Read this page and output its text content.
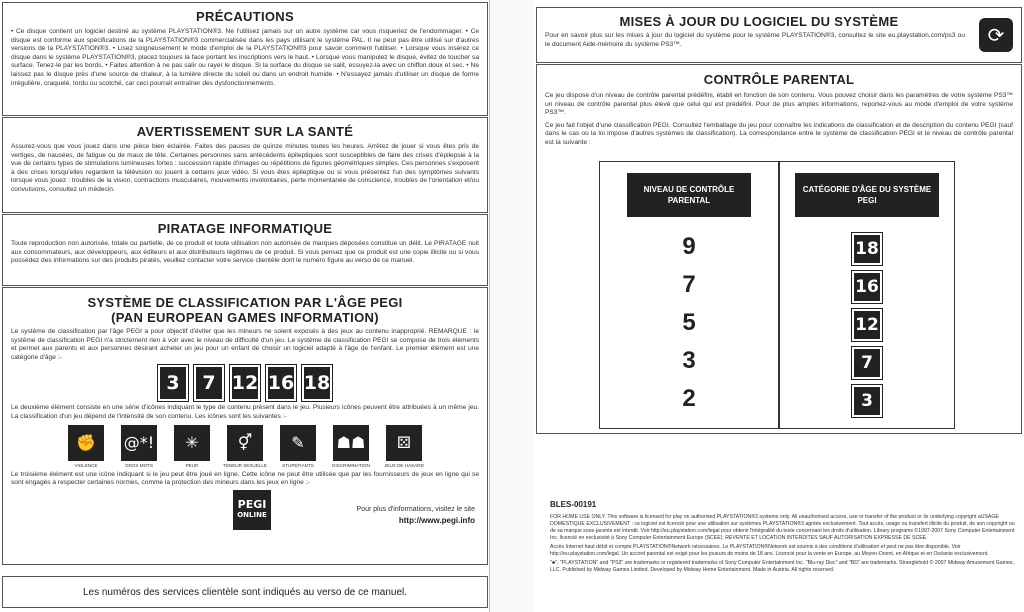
PRÉCAUTIONS
• Ce disque contient un logiciel destiné au système PLAYSTATION®3. Ne l'utilisez jamais sur un autre système car vous risqueriez de l'endommager. • Ce disque est conforme aux spécifications de la PLAYSTATION®3 commercialisée dans les pays utilisant le système PAL. Il ne peut pas être utilisé sur d'autres versions de la PLAYSTATION®3. • Lisez soigneusement le mode d'emploi de la PLAYSTATION®3 pour savoir comment l'utiliser. • Lorsque vous insérez ce disque dans le système PLAYSTATION®3, placez toujours la face portant les inscriptions vers le haut. • Lorsque vous manipulez le disque, évitez de toucher sa surface. Tenez-le par les bords. • Faites attention à ne pas salir ou rayer le disque. Si la surface du disque se salit, essuyez-la avec un chiffon doux et sec. • Ne laissez pas le disque près d'une source de chaleur, à la lumière directe du soleil ou dans un endroit humide. • N'essayez jamais d'utiliser un disque de forme irrégulière, craquelé, tordu ou scotché, car ceci pourrait entraîner des dysfonctionnements.
AVERTISSEMENT SUR LA SANTÉ
Assurez-vous que vous jouez dans une pièce bien éclairée. Faites des pauses de quinze minutes toutes les heures. Arrêtez de jouer si vous êtes pris de vertiges, de nausées, de fatigue ou de maux de tête. Certaines personnes sans antécédents épileptiques sont susceptibles de faire des crises d'épilepsie à la vue de certains types de stimulations lumineuses fortes : succession rapide d'images ou répétitions de figures géométriques simples. Ces personnes s'exposent à des crises lorsqu'elles regardent la télévision ou jouent à certains jeux vidéo. Si vous êtes épileptique ou si vous présentez l'un des symptômes suivants lorsque vous jouez : troubles de la vision, contractions musculaires, mouvements involontaires, perte momentanée de conscience, troubles de l'orientation et/ou convulsions, consultez un médecin.
PIRATAGE INFORMATIQUE
Toute reproduction non autorisée, totale ou partielle, de ce produit et toute utilisation non autorisée de marques déposées constitue un délit. Le PIRATAGE nuit aux consommateurs, aux développeurs, aux éditeurs et aux distributeurs légitimes de ce produit. Si vous pensez que ce produit est une copie illicite ou si vous possédez des informations sur des produits piratés, veuillez contacter votre service clientèle dont le numéro figure au verso de ce manuel.
SYSTÈME DE CLASSIFICATION PAR L'ÂGE PEGI
(PAN EUROPEAN GAMES INFORMATION)
Le système de classification par l'âge PEGI a pour objectif d'éviter que les mineurs ne soient exposés à des jeux au contenu inapproprié. REMARQUE : le système de classification PEGI n'a strictement rien à voir avec le niveau de difficulté d'un jeu. Le système de classification PEGI se compose de trois éléments et permet aux parents et aux personnes désirant acheter un jeu pour un enfant de choisir un logiciel adapté à l'âge de l'enfant. Le premier élément est une catégorie d'âge :-
3	7 12 16 18
Le deuxième élément consiste en une série d'icônes indiquant le type de contenu présent dans le jeu. Plusieurs icônes peuvent être attribuées à un même jeu. La classification d'un jeu dépend de l'intensité de son contenu. Les icônes sont les suivantes :-
✊
VIOLENCE
@*!
GROS MOTS
✳
PEUR
⚥
TENEUR SEXUELLE
✎
STUPÉFIANTS
☗☗
DISCRIMINATION
⚄
JEUX DE HASARD
Le troisième élément est une icône indiquant si le jeu peut être joué en ligne. Cette icône ne peut être utilisée que par les fournisseurs de jeux en ligne qui se sont engagés à respecter certaines normes, comme la protection des mineurs dans les jeux en ligne :-
PEGI
ONLINE
Pour plus d'informations, visitez le site
http://www.pegi.info
Les numéros des services clientèle sont indiqués au verso de ce manuel.
MISES À JOUR DU LOGICIEL DU SYSTÈME
Pour en savoir plus sur les mises à jour du logiciel du système pour le système PLAYSTATION®3, consultez le site eu.playstation.com/ps3 ou le document Aide-mémoire du système PS3™.	⟳
CONTRÔLE PARENTAL
Ce jeu dispose d'un niveau de contrôle parental prédéfini, établi en fonction de son contenu. Vous pouvez choisir dans les paramètres de votre système PS3™ un niveau de contrôle parental plus élevé que celui qui est prédéfini. Pour de plus amples informations, reportez-vous au mode d'emploi de votre système PS3™.
Ce jeu fait l'objet d'une classification PEGI. Consultez l'emballage du jeu pour connaître les indications de classification et de description du contenu PEGI (sauf dans le cas où la loi impose d'autres systèmes de classification). La correspondance entre le système de classification PEGI et le niveau de contrôle parental est la suivante :
NIVEAU DE CONTRÔLE PARENTAL
CATÉGORIE D'ÂGE DU SYSTÈME PEGI
9
7
5
3
2
18
16
12
7
3
BLES-00191
FOR HOME USE ONLY. This software is licensed for play on authorised PLAYSTATION®3 systems only. All unauthorised access, use or transfer of the product or its underlying copyright aUSAGE DOMESTIQUE EXCLUSIVEMENT : ce logiciel est licencié pour une utilisation sur systèmes PLAYSTATION®3 agréés exclusivement. Tout accès, usage ou transfert illicite du produit, de son copyright ou de sa marque sous-jacents est interdit. Voir http://eu.playstation.com/legal pour obtenir l'intégralité du texte concernant les droits d'utilisation. Library programs ©1997-2007 Sony Computer Entertainment Inc. licencié en exclusivité à Sony Computer Entertainment Europe (SCEE). REVENTE ET LOCATION INTERDITES SAUF AUTORISATION EXPRESSE DE SCEE.
Accès Internet haut débit et compte PLAYSTATION®Network nécessaires. Le PLAYSTATION®Network est soumis à des conditions d'utilisation et peut ne pas être disponible. Voir http://eu.playstation.com/legal. Un accord parental est exigé pour les joueurs de moins de 18 ans. Licencié pour la vente en Europe, au Moyen-Orient, en Afrique et en Océanie exclusivement.
"♣", "PLAYSTATION" and "PS3" are trademarks or registered trademarks of Sony Computer Entertainment Inc. "Blu-ray Disc" and "BD" are trademarks. Stranglehold © 2007 Midway Amusement Games, LLC. Published by Midway Games Limited. Developed by Midway Home Entertainment. Made in Austria. All rights reserved.
